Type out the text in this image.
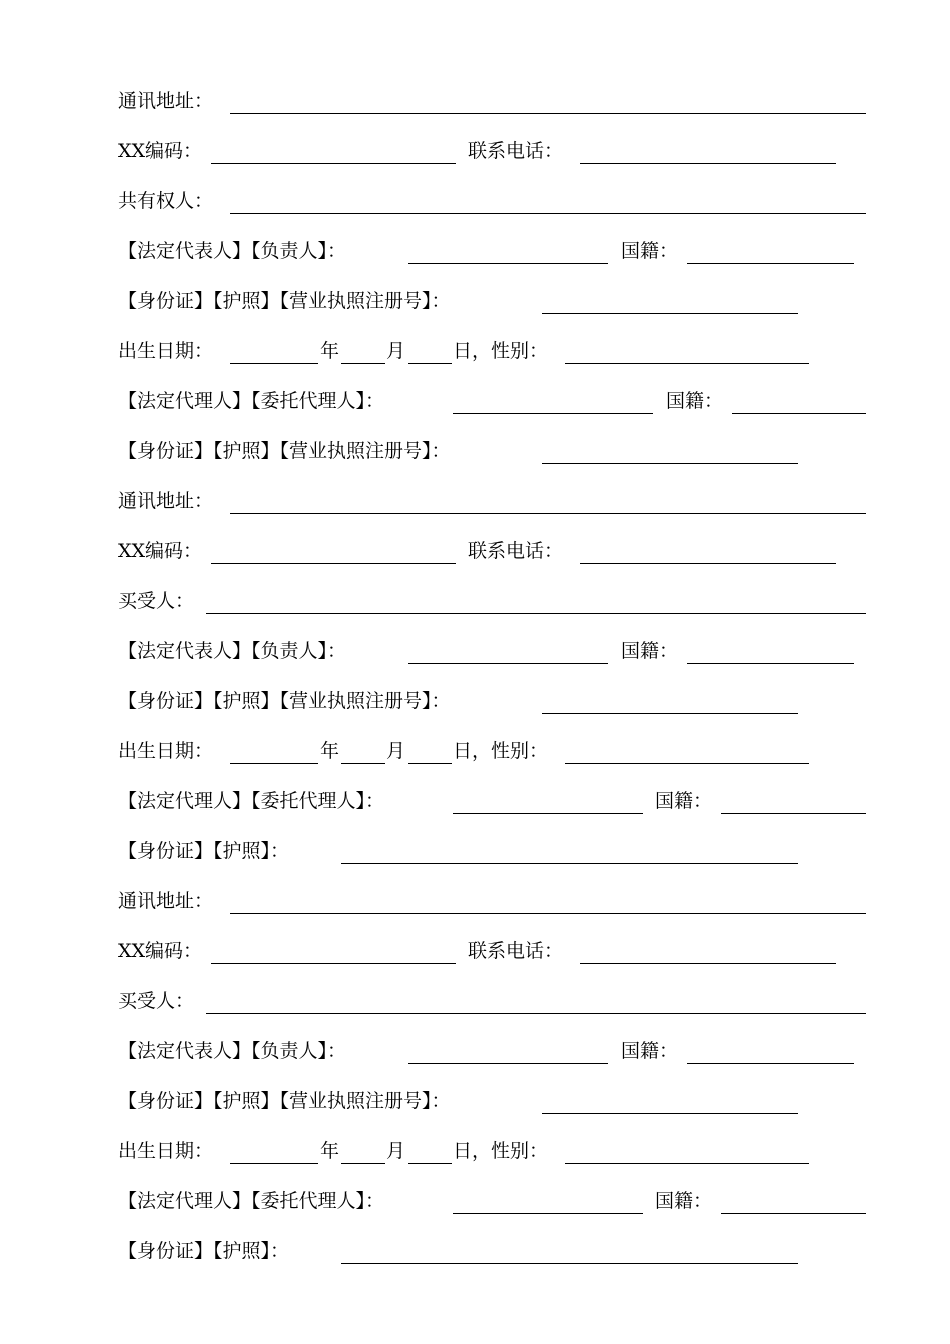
通讯地址：
XX编码：	联系电话：
共有权人：
【法定代表人】【负责人】：	国籍：
【身份证】【护照】【营业执照注册号】：
出生日期：	年 月	日，性别：
【法定代理人】【委托代理人】：	国籍：
【身份证】【护照】【营业执照注册号】：
通讯地址：
XX编码：	联系电话：
买受人：
【法定代表人】【负责人】：	国籍：
【身份证】【护照】【营业执照注册号】：
出生日期：	年 月	日，性别：
【法定代理人】【委托代理人】：	国籍：
【身份证】【护照】：
通讯地址：
XX编码：	联系电话：
买受人：
【法定代表人】【负责人】：	国籍：
【身份证】【护照】【营业执照注册号】：
出生日期：	年 月	日，性别：
【法定代理人】【委托代理人】：	国籍：
【身份证】【护照】：
